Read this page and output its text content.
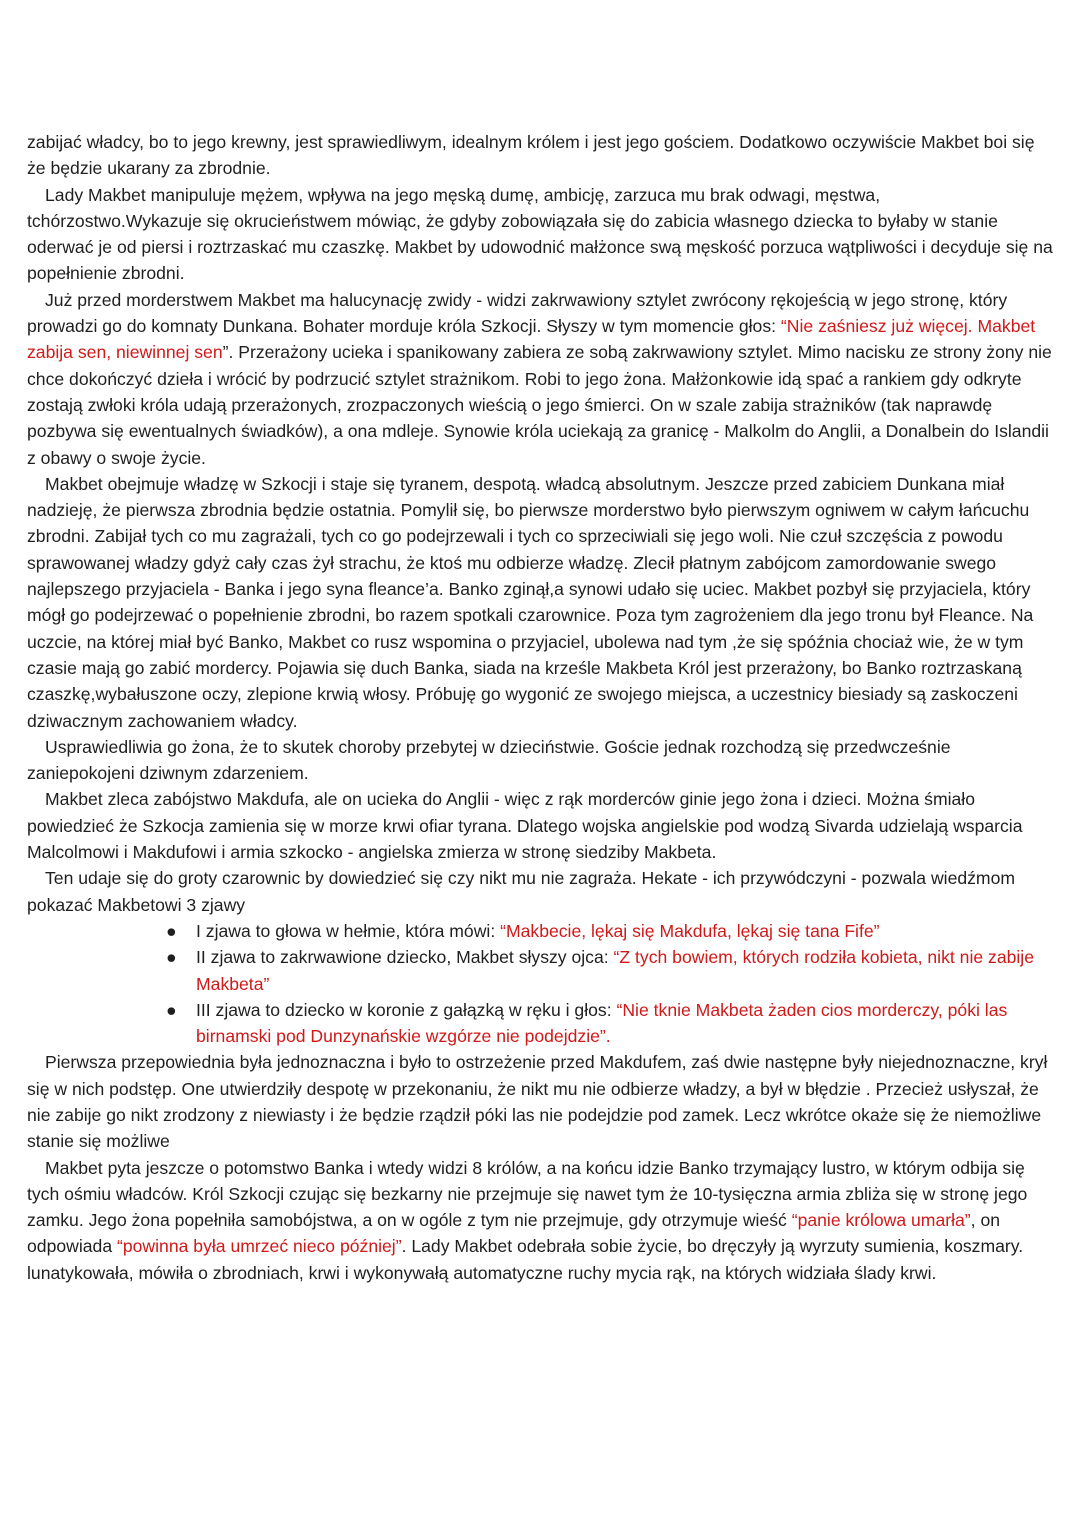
zabijać władcy, bo to jego krewny, jest sprawiedliwym, idealnym królem i jest jego gościem. Dodatkowo oczywiście Makbet boi się że będzie ukarany za zbrodnie.

Lady Makbet manipuluje mężem, wpływa na jego męską dumę, ambicję, zarzuca mu brak odwagi, męstwa, tchórzostwo.Wykazuje się okrucieństwem mówiąc, że gdyby zobowiązała się do zabicia własnego dziecka to byłaby w stanie oderwać je od piersi i roztrzaskać mu czaszkę. Makbet by udowodnić małżonce swą męskość porzuca wątpliwości i decyduje się na popełnienie zbrodni.

Już przed morderstwem Makbet ma halucynację zwidy - widzi zakrwawiony sztylet zwrócony rękojeścią w jego stronę, który prowadzi go do komnaty Dunkana. Bohater morduje króla Szkocji. Słyszy w tym momencie głos: “Nie zaśniesz już więcej. Makbet zabija sen, niewinnej sen”. Przerażony ucieka i spanikowany zabiera ze sobą zakrwawiony sztylet. Mimo nacisku ze strony żony nie chce dokończyć dzieła i wrócić by podrzucić sztylet strażnikom. Robi to jego żona. Małżonkowie idą spać a rankiem gdy odkryte zostają zwłoki króla udają przerażonych, zrozpaczonych wieścią o jego śmierci. On w szale zabija strażników (tak naprawdę pozbywa się ewentualnych świadków), a ona mdleje. Synowie króla uciekają za granicę - Malkolm do Anglii, a Donalbein do Islandii z obawy o swoje życie.

Makbet obejmuje władzę w Szkocji i staje się tyranem, despotą. władcą absolutnym. Jeszcze przed zabiciem Dunkana miał nadzieję, że pierwsza zbrodnia będzie ostatnia. Pomylił się, bo pierwsze morderstwo było pierwszym ogniwem w całym łańcuchu zbrodni. Zabijał tych co mu zagrażali, tych co go podejrzewali i tych co sprzeciwiali się jego woli. Nie czuł szczęścia z powodu sprawowanej władzy gdyż cały czas żył strachu, że ktoś mu odbierze władzę. Zlecił płatnym zabójcom zamordowanie swego najlepszego przyjaciela - Banka i jego syna fleance’a. Banko zginął,a synowi udało się uciec. Makbet pozbył się przyjaciela, który mógł go podejrzewać o popełnienie zbrodni, bo razem spotkali czarownice. Poza tym zagrożeniem dla jego tronu był Fleance. Na uczcie, na której miał być Banko, Makbet co rusz wspomina o przyjaciel, ubolewa nad tym ,że się spóźnia chociaż wie, że w tym czasie mają go zabić mordercy. Pojawia się duch Banka, siada na krześle Makbeta Król jest przerażony, bo Banko roztrzaskaną czaszkę,wybałuszone oczy, zlepione krwią włosy. Próbuję go wygonić ze swojego miejsca, a uczestnicy biesiady są zaskoczeni dziwacznym zachowaniem władcy.

Usprawiedliwia go żona, że to skutek choroby przebytej w dzieciństwie. Goście jednak rozchodzą się przedwcześnie zaniepokojeni dziwnym zdarzeniem.

Makbet zleca zabójstwo Makdufa, ale on ucieka do Anglii - więc z rąk morderców ginie jego żona i dzieci. Można śmiało powiedzieć że Szkocja zamienia się w morze krwi ofiar tyrana. Dlatego wojska angielskie pod wodzą Sivarda udzielają wsparcia Malcolmowi i Makdufowi i armia szkocko - angielska zmierza w stronę siedziby Makbeta.

Ten udaje się do groty czarownic by dowiedzieć się czy nikt mu nie zagraża. Hekate - ich przywódczyni - pozwala wiedźmom pokazać Makbetowi 3 zjawy

● I zjawa to głowa w hełmie, która mówi: “Makbecie, lękaj się Makdufa, lękaj się tana Fife”
● II zjawa to zakrwawione dziecko, Makbet słyszy ojca: “Z tych bowiem, których rodziła kobieta, nikt nie zabije Makbeta”
● III zjawa to dziecko w koronie z gałązką w ręku i głos: “Nie tknie Makbeta żaden cios morderczy, póki las birnamski pod Dunzynańskie wzgórze nie podejdzie”.

Pierwsza przepowiednia była jednoznaczna i było to ostrzeżenie przed Makdufem, zaś dwie następne były niejednoznaczne, krył się w nich podstęp. One utwierdziły despotę w przekonaniu, że nikt mu nie odbierze władzy, a był w błędzie . Przecież usłyszał, że nie zabije go nikt zrodzony z niewiasty i że będzie rządził póki las nie podejdzie pod zamek. Lecz wkrótce okaże się że niemożliwe stanie się możliwe

Makbet pyta jeszcze o potomstwo Banka i wtedy widzi 8 królów, a na końcu idzie Banko trzymający lustro, w którym odbija się tych ośmiu władców. Król Szkocji czując się bezkarny nie przejmuje się nawet tym że 10-tysięczna armia zbliża się w stronę jego zamku. Jego żona popełniła samobójstwa, a on w ogóle z tym nie przejmuje, gdy otrzymuje wieść “panie królowa umarła”, on odpowiada “powinna była umrzeć nieco później”. Lady Makbet odebrała sobie życie, bo dręczyły ją wyrzuty sumienia, koszmary. lunatykowała, mówiła o zbrodniach, krwi i wykonywałą automatyczne ruchy mycia rąk, na których widziała ślady krwi.
